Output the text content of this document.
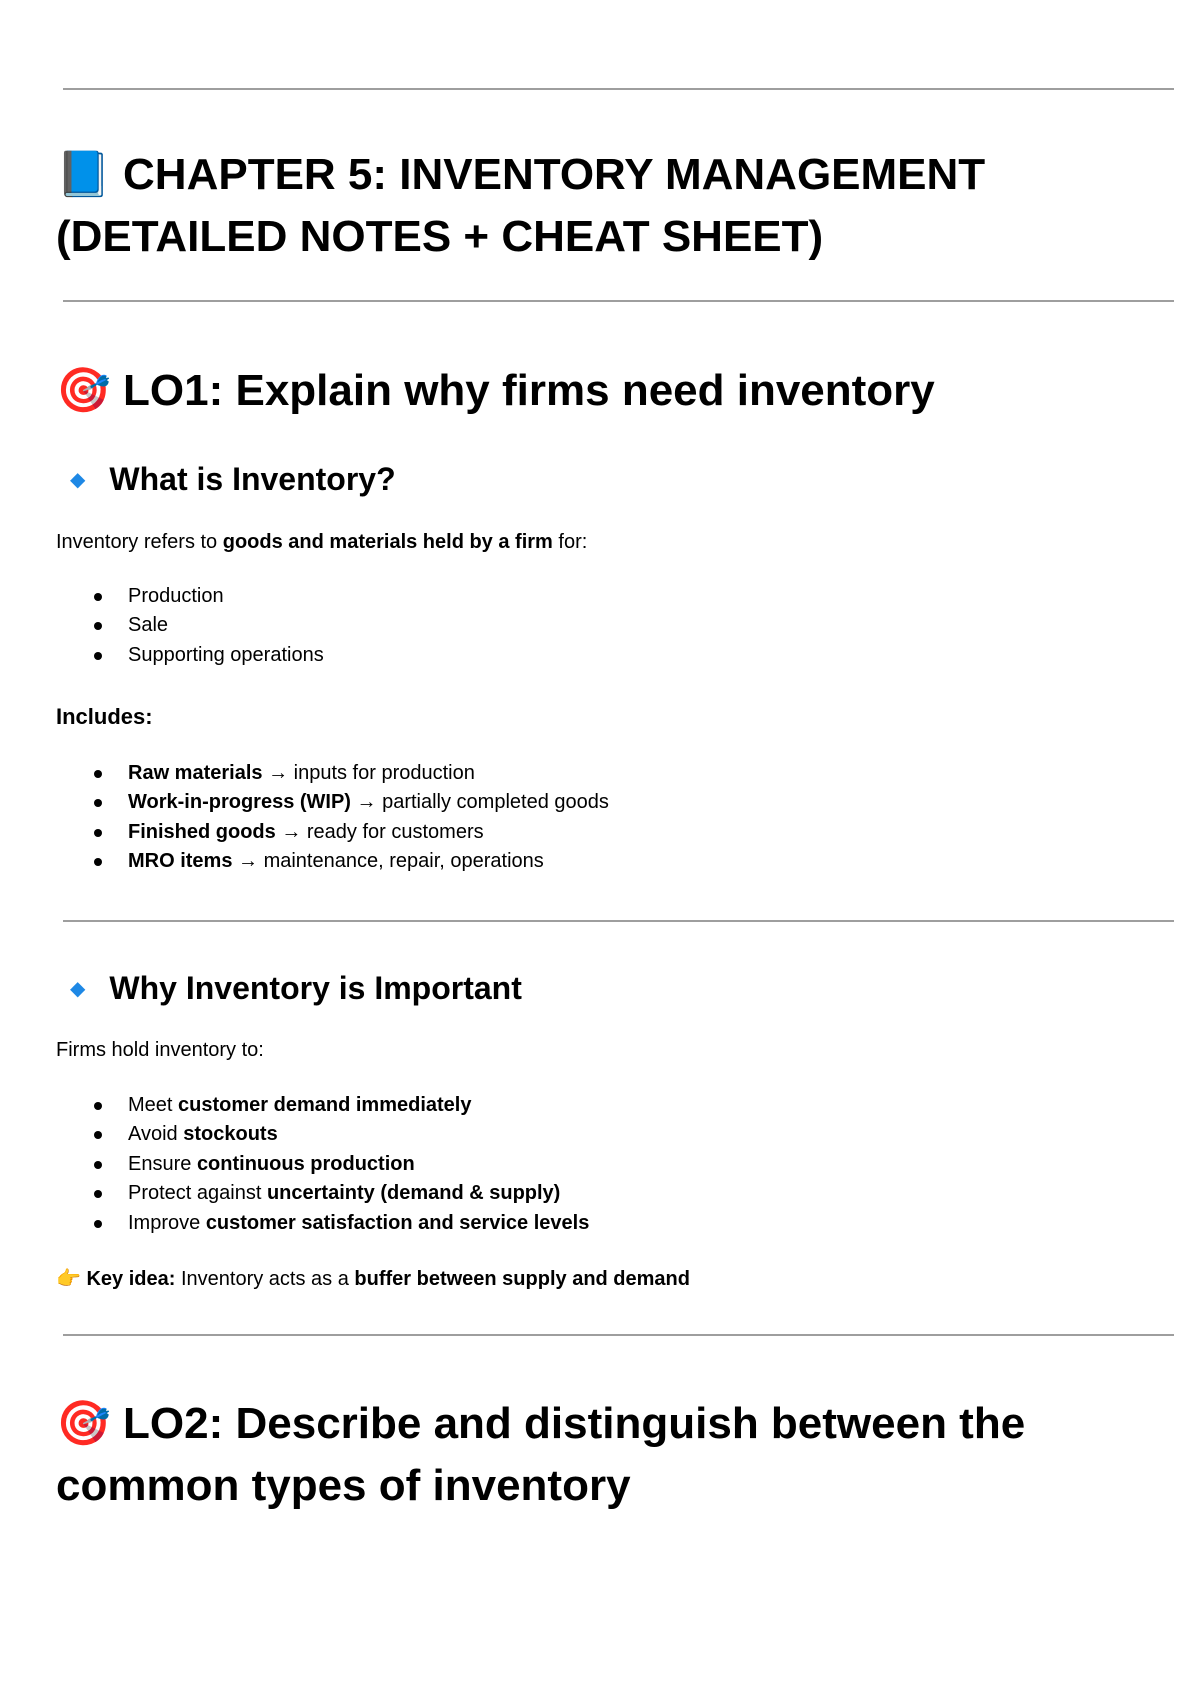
📘 CHAPTER 5: INVENTORY MANAGEMENT (DETAILED NOTES + CHEAT SHEET)
🎯 LO1: Explain why firms need inventory
◆ What is Inventory?

Inventory refers to goods and materials held by a firm for:

Production
Sale
Supporting operations

Includes:

Raw materials → inputs for production
Work-in-progress (WIP) → partially completed goods
Finished goods → ready for customers
MRO items → maintenance, repair, operations
◆ Why Inventory is Important

Firms hold inventory to:

Meet customer demand immediately
Avoid stockouts
Ensure continuous production
Protect against uncertainty (demand & supply)
Improve customer satisfaction and service levels

👉 Key idea: Inventory acts as a buffer between supply and demand

🎯 LO2: Describe and distinguish between the common types of inventory
